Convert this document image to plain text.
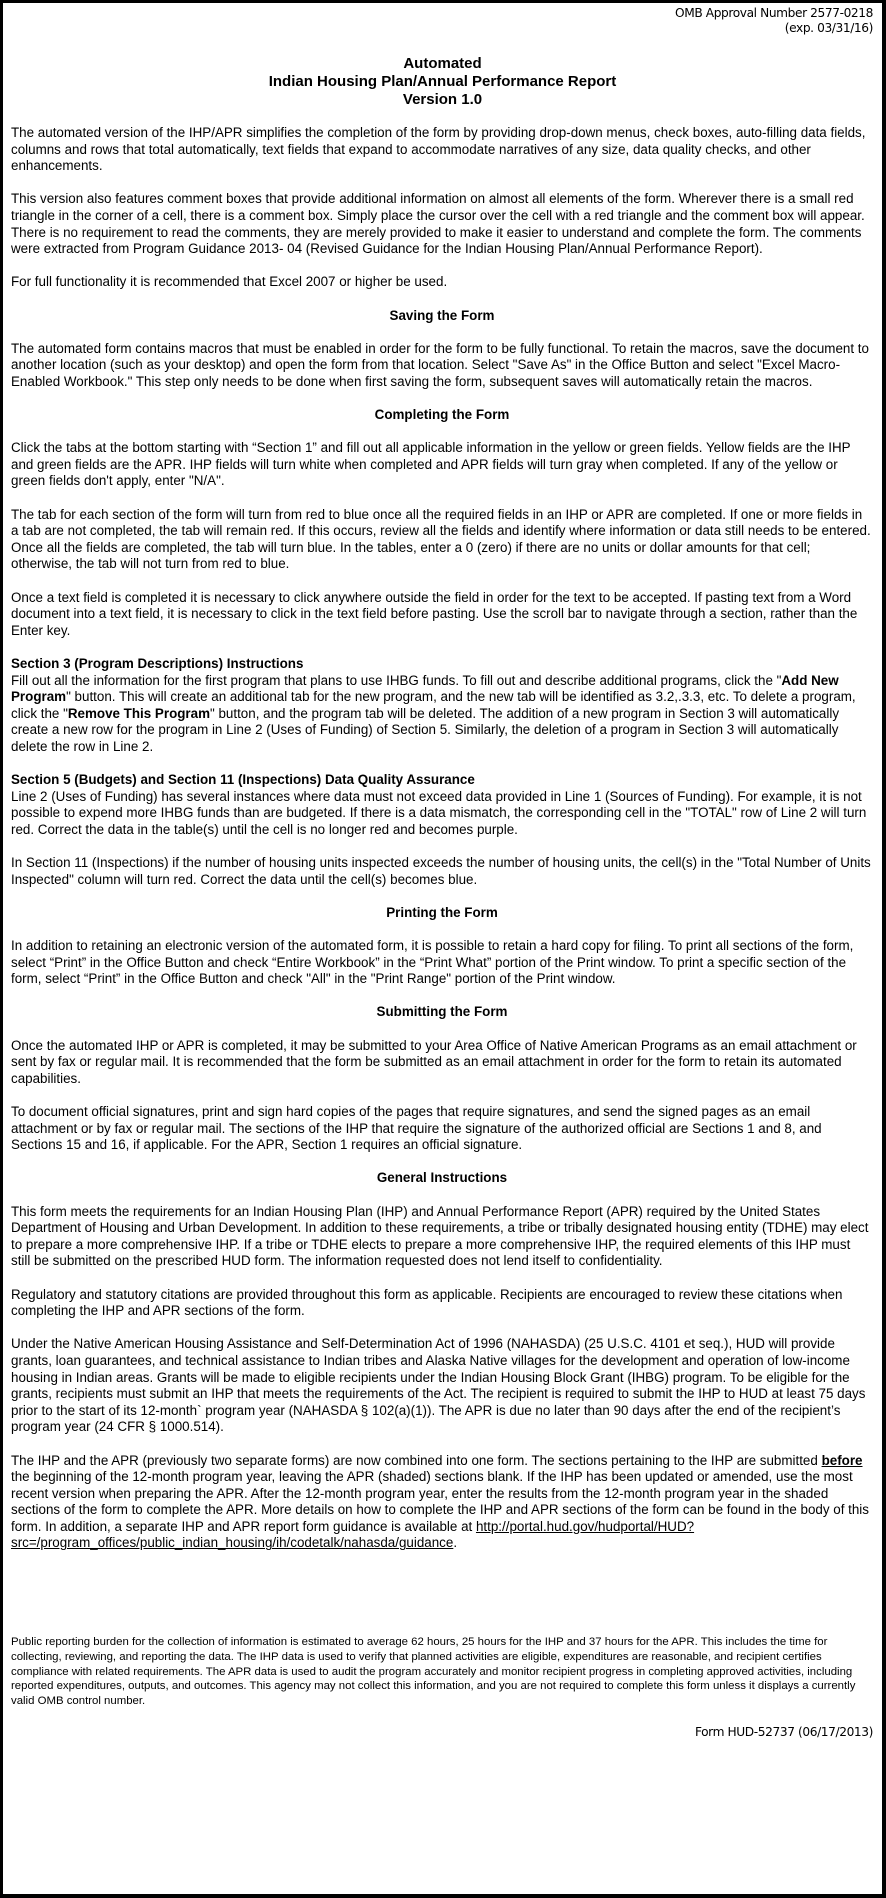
OMB Approval Number 2577-0218
(exp. 03/31/16)
Automated
Indian Housing Plan/Annual Performance Report
Version 1.0

The automated version of the IHP/APR simplifies the completion of the form by providing drop-down menus, check boxes, auto-filling data fields, columns and rows that total automatically, text fields that expand to accommodate narratives of any size, data quality checks, and other enhancements.

This version also features comment boxes that provide additional information on almost all elements of the form. Wherever there is a small red triangle in the corner of a cell, there is a comment box. Simply place the cursor over the cell with a red triangle and the comment box will appear. There is no requirement to read the comments, they are merely provided to make it easier to understand and complete the form. The comments were extracted from Program Guidance 2013- 04 (Revised Guidance for the Indian Housing Plan/Annual Performance Report).

For full functionality it is recommended that Excel 2007 or higher be used.

Saving the Form

The automated form contains macros that must be enabled in order for the form to be fully functional. To retain the macros, save the document to another location (such as your desktop) and open the form from that location. Select "Save As" in the Office Button and select "Excel Macro-Enabled Workbook." This step only needs to be done when first saving the form, subsequent saves will automatically retain the macros.

Completing the Form

Click the tabs at the bottom starting with “Section 1” and fill out all applicable information in the yellow or green fields. Yellow fields are the IHP and green fields are the APR. IHP fields will turn white when completed and APR fields will turn gray when completed. If any of the yellow or green fields don't apply, enter "N/A".

The tab for each section of the form will turn from red to blue once all the required fields in an IHP or APR are completed. If one or more fields in a tab are not completed, the tab will remain red. If this occurs, review all the fields and identify where information or data still needs to be entered. Once all the fields are completed, the tab will turn blue. In the tables, enter a 0 (zero) if there are no units or dollar amounts for that cell; otherwise, the tab will not turn from red to blue.

Once a text field is completed it is necessary to click anywhere outside the field in order for the text to be accepted. If pasting text from a Word document into a text field, it is necessary to click in the text field before pasting. Use the scroll bar to navigate through a section, rather than the Enter key.

Section 3 (Program Descriptions) Instructions
Fill out all the information for the first program that plans to use IHBG funds. To fill out and describe additional programs, click the "Add New Program" button. This will create an additional tab for the new program, and the new tab will be identified as 3.2,.3.3, etc. To delete a program, click the "Remove This Program" button, and the program tab will be deleted. The addition of a new program in Section 3 will automatically create a new row for the program in Line 2 (Uses of Funding) of Section 5. Similarly, the deletion of a program in Section 3 will automatically delete the row in Line 2.

Section 5 (Budgets) and Section 11 (Inspections) Data Quality Assurance
Line 2 (Uses of Funding) has several instances where data must not exceed data provided in Line 1 (Sources of Funding). For example, it is not possible to expend more IHBG funds than are budgeted. If there is a data mismatch, the corresponding cell in the "TOTAL" row of Line 2 will turn red. Correct the data in the table(s) until the cell is no longer red and becomes purple.

In Section 11 (Inspections) if the number of housing units inspected exceeds the number of housing units, the cell(s) in the "Total Number of Units Inspected" column will turn red. Correct the data until the cell(s) becomes blue.

Printing the Form

In addition to retaining an electronic version of the automated form, it is possible to retain a hard copy for filing. To print all sections of the form, select “Print” in the Office Button and check “Entire Workbook” in the “Print What” portion of the Print window. To print a specific section of the form, select “Print” in the Office Button and check "All" in the "Print Range" portion of the Print window.

Submitting the Form

Once the automated IHP or APR is completed, it may be submitted to your Area Office of Native American Programs as an email attachment or sent by fax or regular mail. It is recommended that the form be submitted as an email attachment in order for the form to retain its automated capabilities.

To document official signatures, print and sign hard copies of the pages that require signatures, and send the signed pages as an email attachment or by fax or regular mail. The sections of the IHP that require the signature of the authorized official are Sections 1 and 8, and Sections 15 and 16, if applicable. For the APR, Section 1 requires an official signature.

General Instructions

This form meets the requirements for an Indian Housing Plan (IHP) and Annual Performance Report (APR) required by the United States Department of Housing and Urban Development. In addition to these requirements, a tribe or tribally designated housing entity (TDHE) may elect to prepare a more comprehensive IHP. If a tribe or TDHE elects to prepare a more comprehensive IHP, the required elements of this IHP must still be submitted on the prescribed HUD form. The information requested does not lend itself to confidentiality.

Regulatory and statutory citations are provided throughout this form as applicable. Recipients are encouraged to review these citations when completing the IHP and APR sections of the form.

Under the Native American Housing Assistance and Self-Determination Act of 1996 (NAHASDA) (25 U.S.C. 4101 et seq.), HUD will provide grants, loan guarantees, and technical assistance to Indian tribes and Alaska Native villages for the development and operation of low-income housing in Indian areas. Grants will be made to eligible recipients under the Indian Housing Block Grant (IHBG) program. To be eligible for the grants, recipients must submit an IHP that meets the requirements of the Act. The recipient is required to submit the IHP to HUD at least 75 days prior to the start of its 12-month` program year (NAHASDA § 102(a)(1)). The APR is due no later than 90 days after the end of the recipient’s program year (24 CFR § 1000.514).

The IHP and the APR (previously two separate forms) are now combined into one form. The sections pertaining to the IHP are submitted before the beginning of the 12-month program year, leaving the APR (shaded) sections blank. If the IHP has been updated or amended, use the most recent version when preparing the APR. After the 12-month program year, enter the results from the 12-month program year in the shaded sections of the form to complete the APR. More details on how to complete the IHP and APR sections of the form can be found in the body of this form. In addition, a separate IHP and APR report form guidance is available at http://portal.hud.gov/hudportal/HUD?src=/program_offices/public_indian_housing/ih/codetalk/nahasda/guidance.

Public reporting burden for the collection of information is estimated to average 62 hours, 25 hours for the IHP and 37 hours for the APR. This includes the time for collecting, reviewing, and reporting the data. The IHP data is used to verify that planned activities are eligible, expenditures are reasonable, and recipient certifies compliance with related requirements. The APR data is used to audit the program accurately and monitor recipient progress in completing approved activities, including reported expenditures, outputs, and outcomes. This agency may not collect this information, and you are not required to complete this form unless it displays a currently valid OMB control number.
Form HUD-52737 (06/17/2013)
